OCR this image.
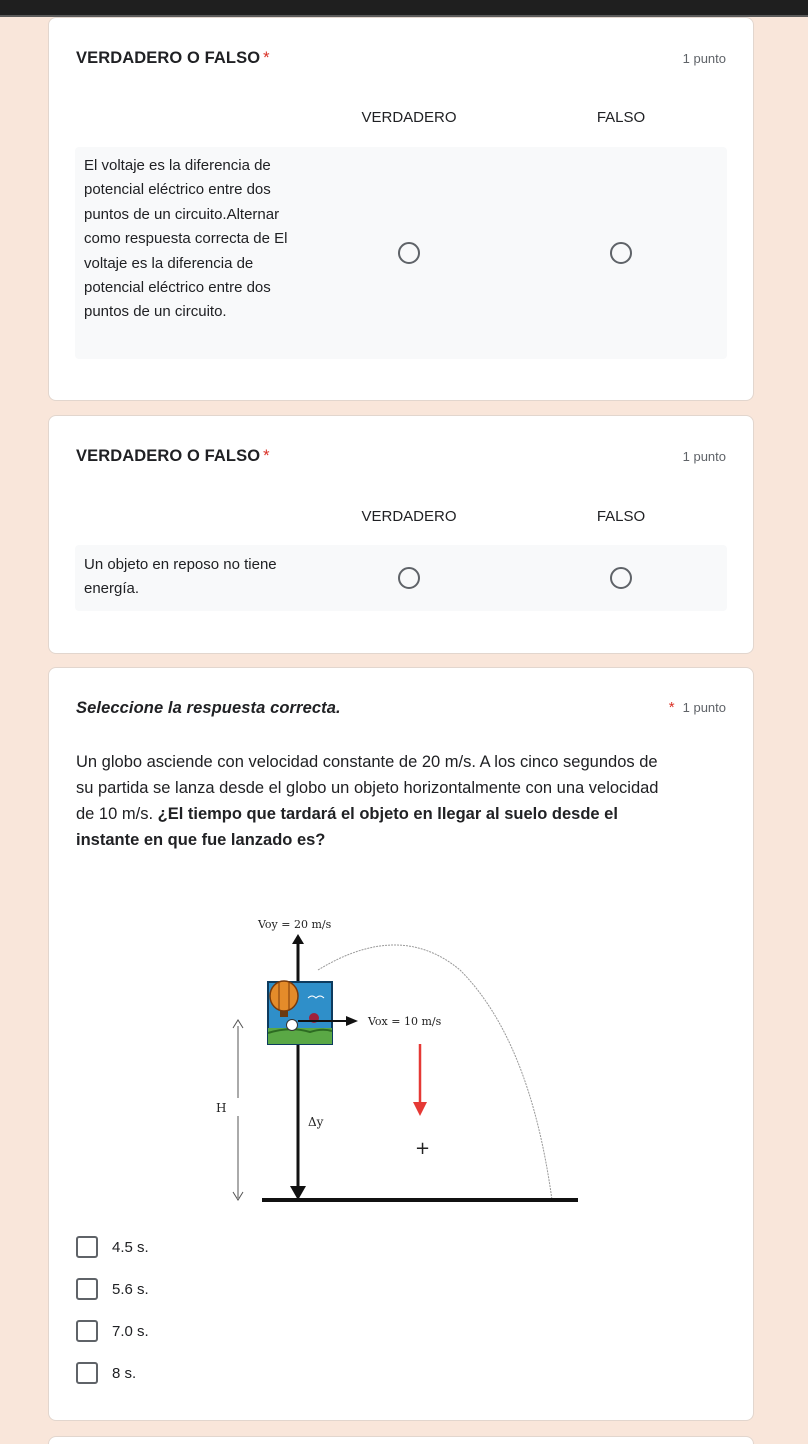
VERDADERO O FALSO *	1 punto
VERDADERO	FALSO
El voltaje es la diferencia de potencial eléctrico entre dos puntos de un circuito.Alternar como respuesta correcta de El voltaje es la diferencia de potencial eléctrico entre dos puntos de un circuito.
VERDADERO O FALSO *	1 punto
VERDADERO	FALSO
Un objeto en reposo no tiene energía.
Seleccione la respuesta correcta.	* 1 punto
Un globo asciende con velocidad constante de 20 m/s. A los cinco segundos de su partida se lanza desde el globo un objeto horizontalmente con una velocidad de 10 m/s. ¿El tiempo que tardará el objeto en llegar al suelo desde el instante en que fue lanzado es?
4.5 s.
5.6 s.
7.0 s.
8 s.
Voy = 20 m/s
Vox = 10 m/s
H
Δy
+
